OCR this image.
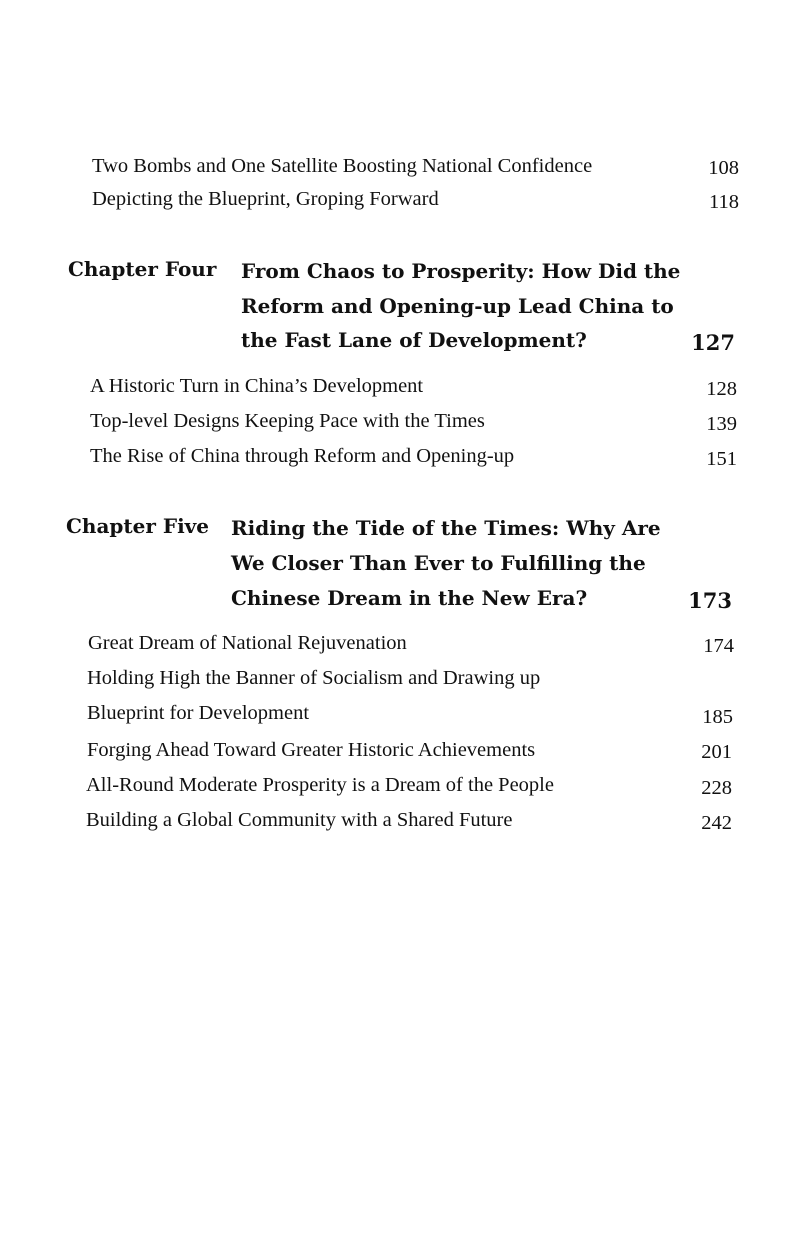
Two Bombs and One Satellite Boosting National Confidence	108
Depicting the Blueprint, Groping Forward	118
Chapter Four From Chaos to Prosperity: How Did the
Reform and Opening-up Lead China to
the Fast Lane of Development?	127
A Historic Turn in China’s Development	128
Top-level Designs Keeping Pace with the Times	139
The Rise of China through Reform and Opening-up	151
Chapter Five Riding the Tide of the Times: Why Are
We Closer Than Ever to Fulfilling the
Chinese Dream in the New Era?	173
Great Dream of National Rejuvenation	174
Holding High the Banner of Socialism and Drawing up
Blueprint for Development	185
Forging Ahead Toward Greater Historic Achievements	201
All-Round Moderate Prosperity is a Dream of the People	228
Building a Global Community with a Shared Future	242
